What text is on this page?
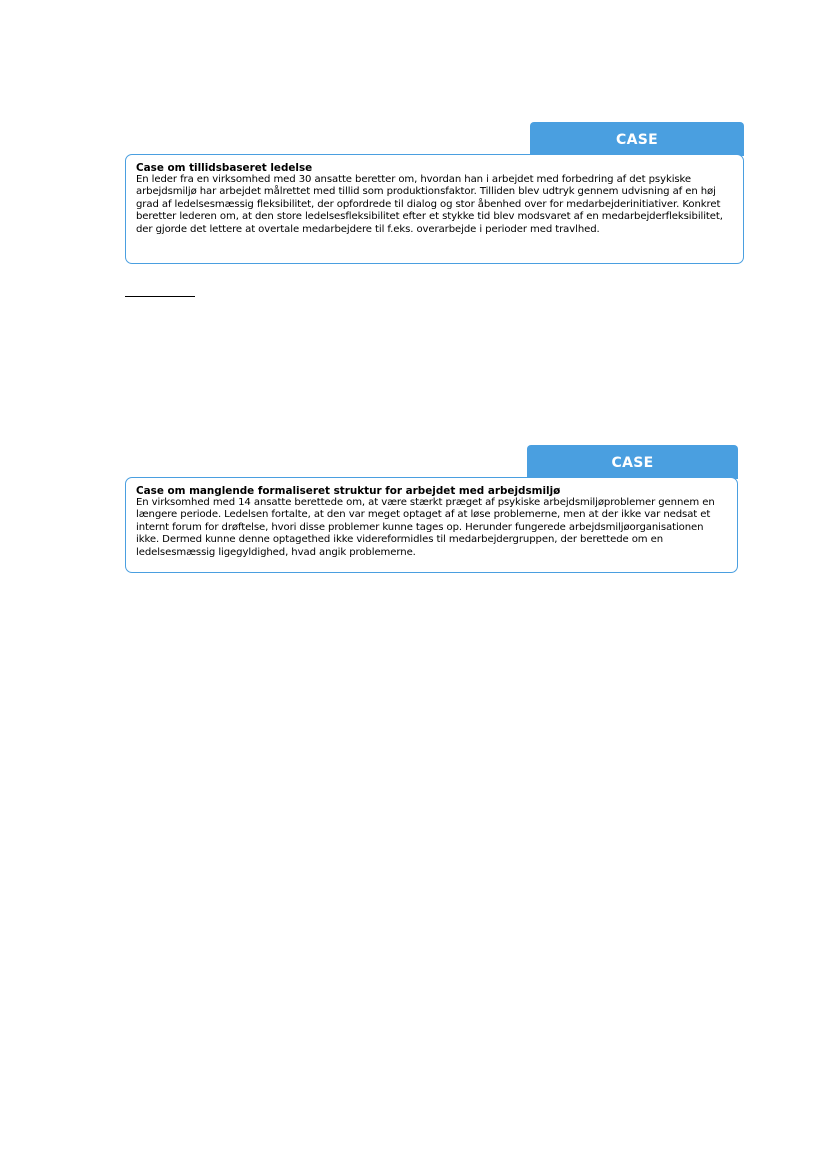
CASE
Case om tillidsbaseret ledelse
En leder fra en virksomhed med 30 ansatte beretter om, hvordan han i arbejdet med forbedring af det psykiske arbejdsmiljø har arbejdet målrettet med tillid som produktionsfaktor. Tilliden blev udtryk gennem udvisning af en høj grad af ledelsesmæssig fleksibilitet, der opfordrede til dialog og stor åbenhed over for medarbejderinitiativer. Konkret beretter lederen om, at den store ledelsesfleksibilitet efter et stykke tid blev modsvaret af en medarbejderfleksibilitet, der gjorde det lettere at overtale medarbejdere til f.eks. overarbejde i perioder med travlhed.
CASE
Case om manglende formaliseret struktur for arbejdet med arbejdsmiljø
En virksomhed med 14 ansatte berettede om, at være stærkt præget af psykiske arbejdsmiljøproblemer gennem en længere periode. Ledelsen fortalte, at den var meget optaget af at løse problemerne, men at der ikke var nedsat et internt forum for drøftelse, hvori disse problemer kunne tages op. Herunder fungerede arbejdsmiljøorganisationen ikke. Dermed kunne denne optagethed ikke videreformidles til medarbejdergruppen, der berettede om en ledelsesmæssig ligegyldighed, hvad angik problemerne.
